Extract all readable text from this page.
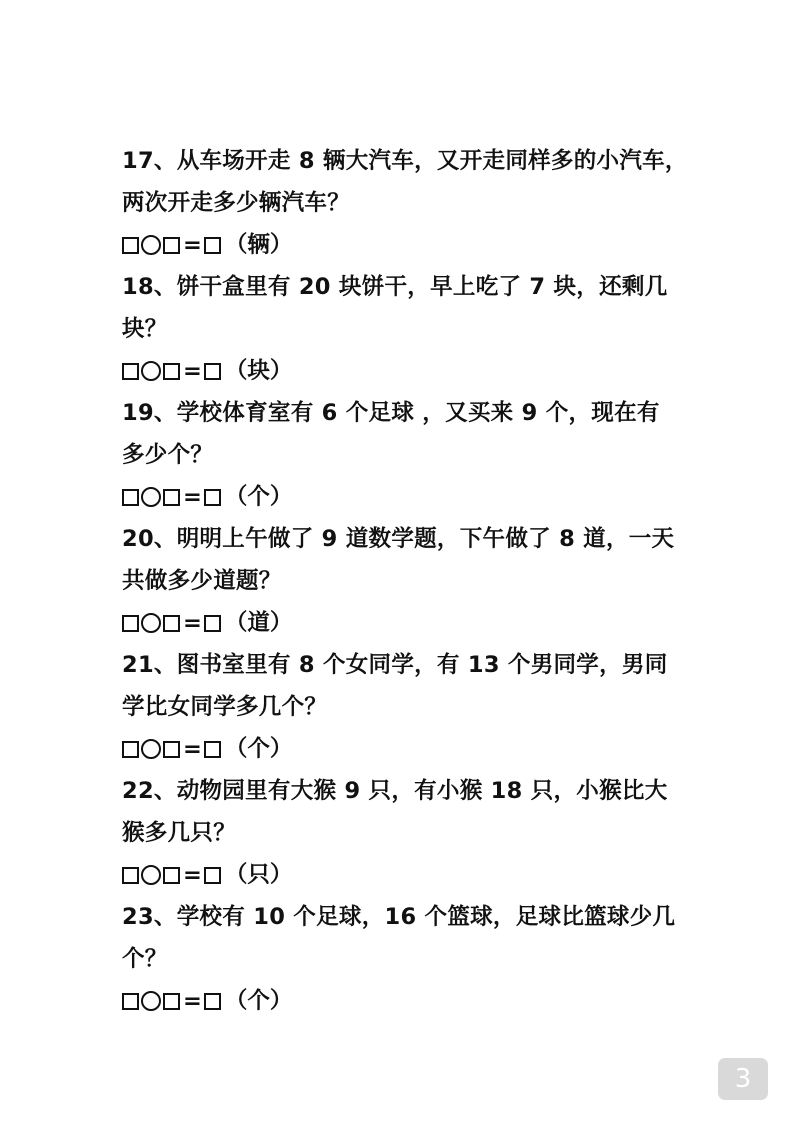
17、从车场开走 8 辆大汽车，又开走同样多的小汽车，
两次开走多少辆汽车？
= （辆）
18、饼干盒里有 20 块饼干，早上吃了 7 块，还剩几
块？
= （块）
19、学校体育室有 6 个足球 ，又买来 9 个，现在有
多少个？
= （个）
20、明明上午做了 9 道数学题，下午做了 8 道，一天
共做多少道题？
= （道）
21、图书室里有 8 个女同学，有 13 个男同学，男同
学比女同学多几个？
= （个）
22、动物园里有大猴 9 只，有小猴 18 只，小猴比大
猴多几只？
= （只）
23、学校有 10 个足球，16 个篮球，足球比篮球少几
个？
= （个）
3
